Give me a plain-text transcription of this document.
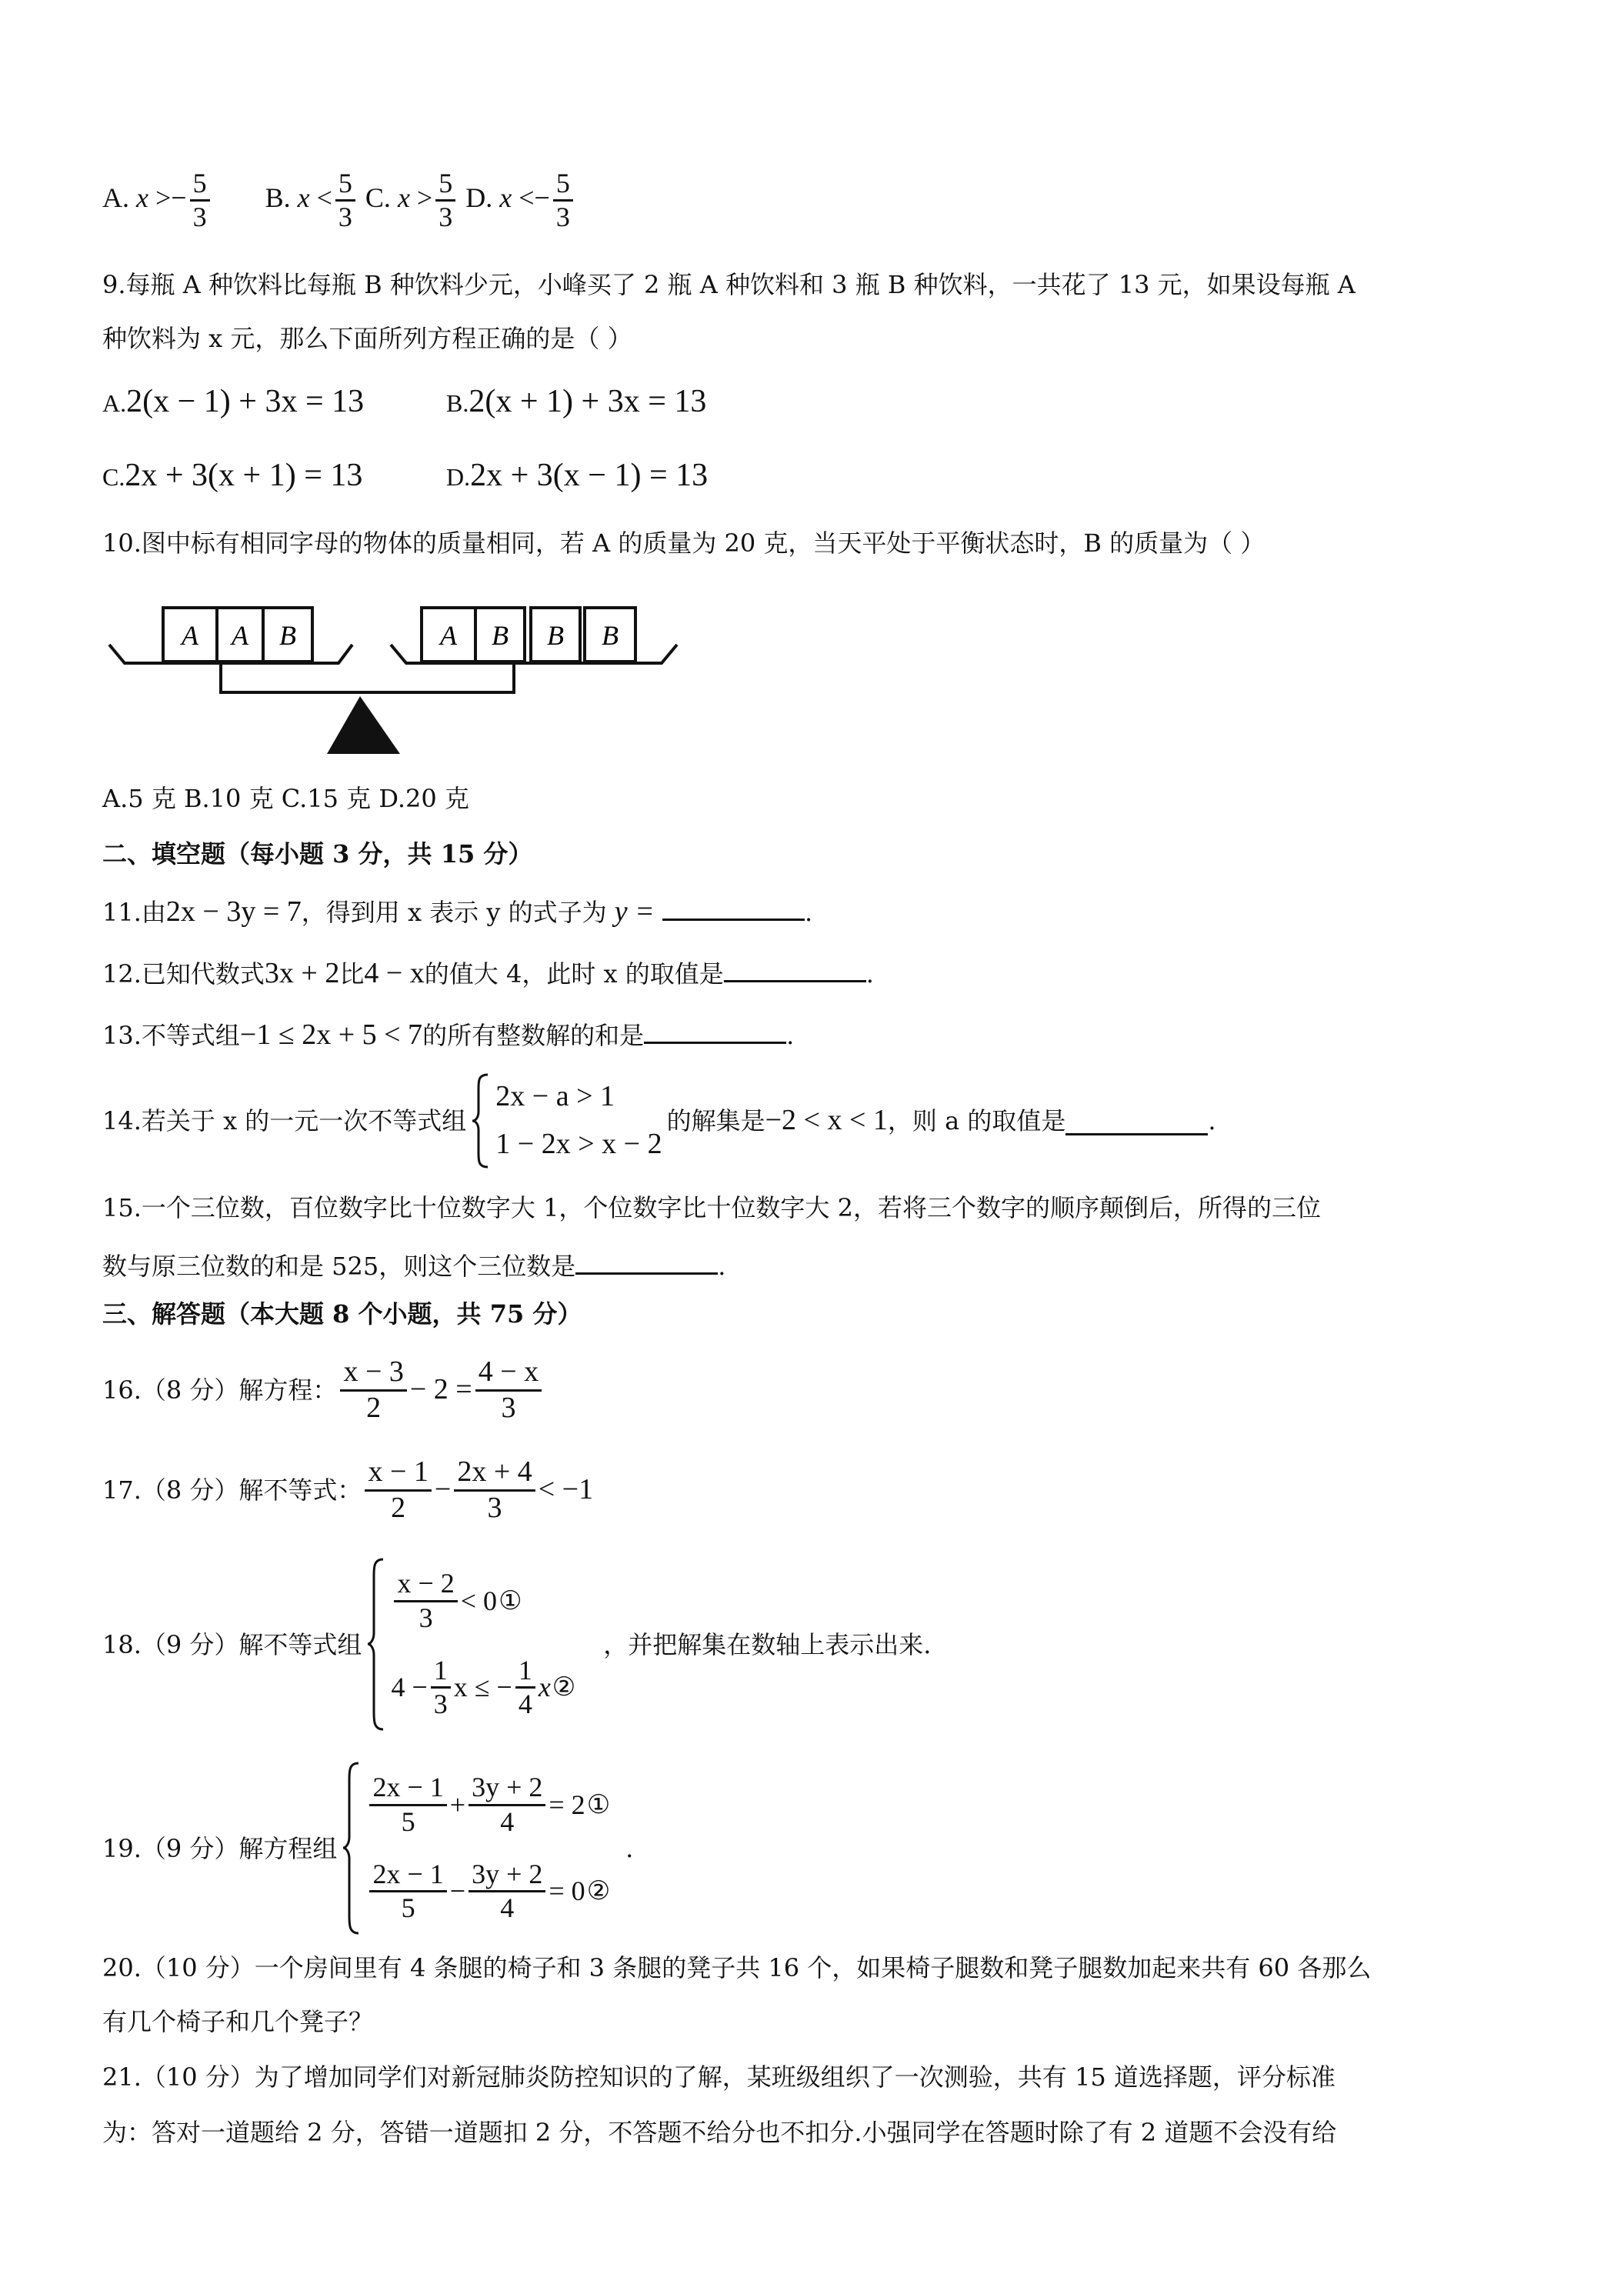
A. $x >- \frac{5}{3} B$. $x < \frac{5}{3} C$. $x > \frac{5}{3} D$. $x <- \frac{5}{3}$
9.每瓶 A 种饮料比每瓶 B 种饮料少元，小峰买了 2 瓶 A 种饮料和 3 瓶 B 种饮料，一共花了 13 元，如果设每瓶 A
种饮料为 x 元，那么下面所列方程正确的是（ ）
A.2(x − 1) + 3x = 13	B.2(x + 1) + 3x = 13
C.2x + 3(x + 1) = 13	D.2x + 3(x − 1) = 13
10.图中标有相同字母的物体的质量相同，若 A 的质量为 20 克，当天平处于平衡状态时，B 的质量为（ ）
A A B	A B B B
A.5 克 B.10 克 C.15 克 D.20 克
二、填空题（每小题 3 分，共 15 分）
11.由2x − 3y = 7，得到用 x 表示 y 的式子为 y =	.
12.已知代数式3x + 2比4 − x的值大 4，此时 x 的取值是	.
13.不等式组−1 ≤ 2x + 5 < 7的所有整数解的和是	.
14.若关于 x 的一元一次不等式组
2x − a > 1
1 − 2x > x − 2
的解集是 −2 < x < 1 ，则 a 的取值是	.
15.一个三位数，百位数字比十位数字大 1，个位数字比十位数字大 2，若将三个数字的顺序颠倒后，所得的三位
数与原三位数的和是 525，则这个三位数是	.
三、解答题（本大题 8 个小题，共 75 分）
16.（8 分）解方程： $\frac{x - 3}{2} - 2 = \frac{4 - x}{3}$
17.（8 分）解不等式： $\frac{x - 1}{2} - \frac{2x + 4}{3} < -1$
18.（9 分）解不等式组
$\frac{x - 2}{3} < 0$ ①
$4 - \frac{1}{3}$ x ≤ − $\frac{1}{4}$ x ②
，并把解集在数轴上表示出来.
19.（9 分）解方程组
$\frac{2x - 1}{5} + \frac{3y + 2}{4} = 2$ ①
$\frac{2x - 1}{5} - \frac{3y + 2}{4} = 0$ ②
.
20.（10 分）一个房间里有 4 条腿的椅子和 3 条腿的凳子共 16 个，如果椅子腿数和凳子腿数加起来共有 60 各那么
有几个椅子和几个凳子？
21.（10 分）为了增加同学们对新冠肺炎防控知识的了解，某班级组织了一次测验，共有 15 道选择题，评分标准
为：答对一道题给 2 分，答错一道题扣 2 分，不答题不给分也不扣分.小强同学在答题时除了有 2 道题不会没有给
